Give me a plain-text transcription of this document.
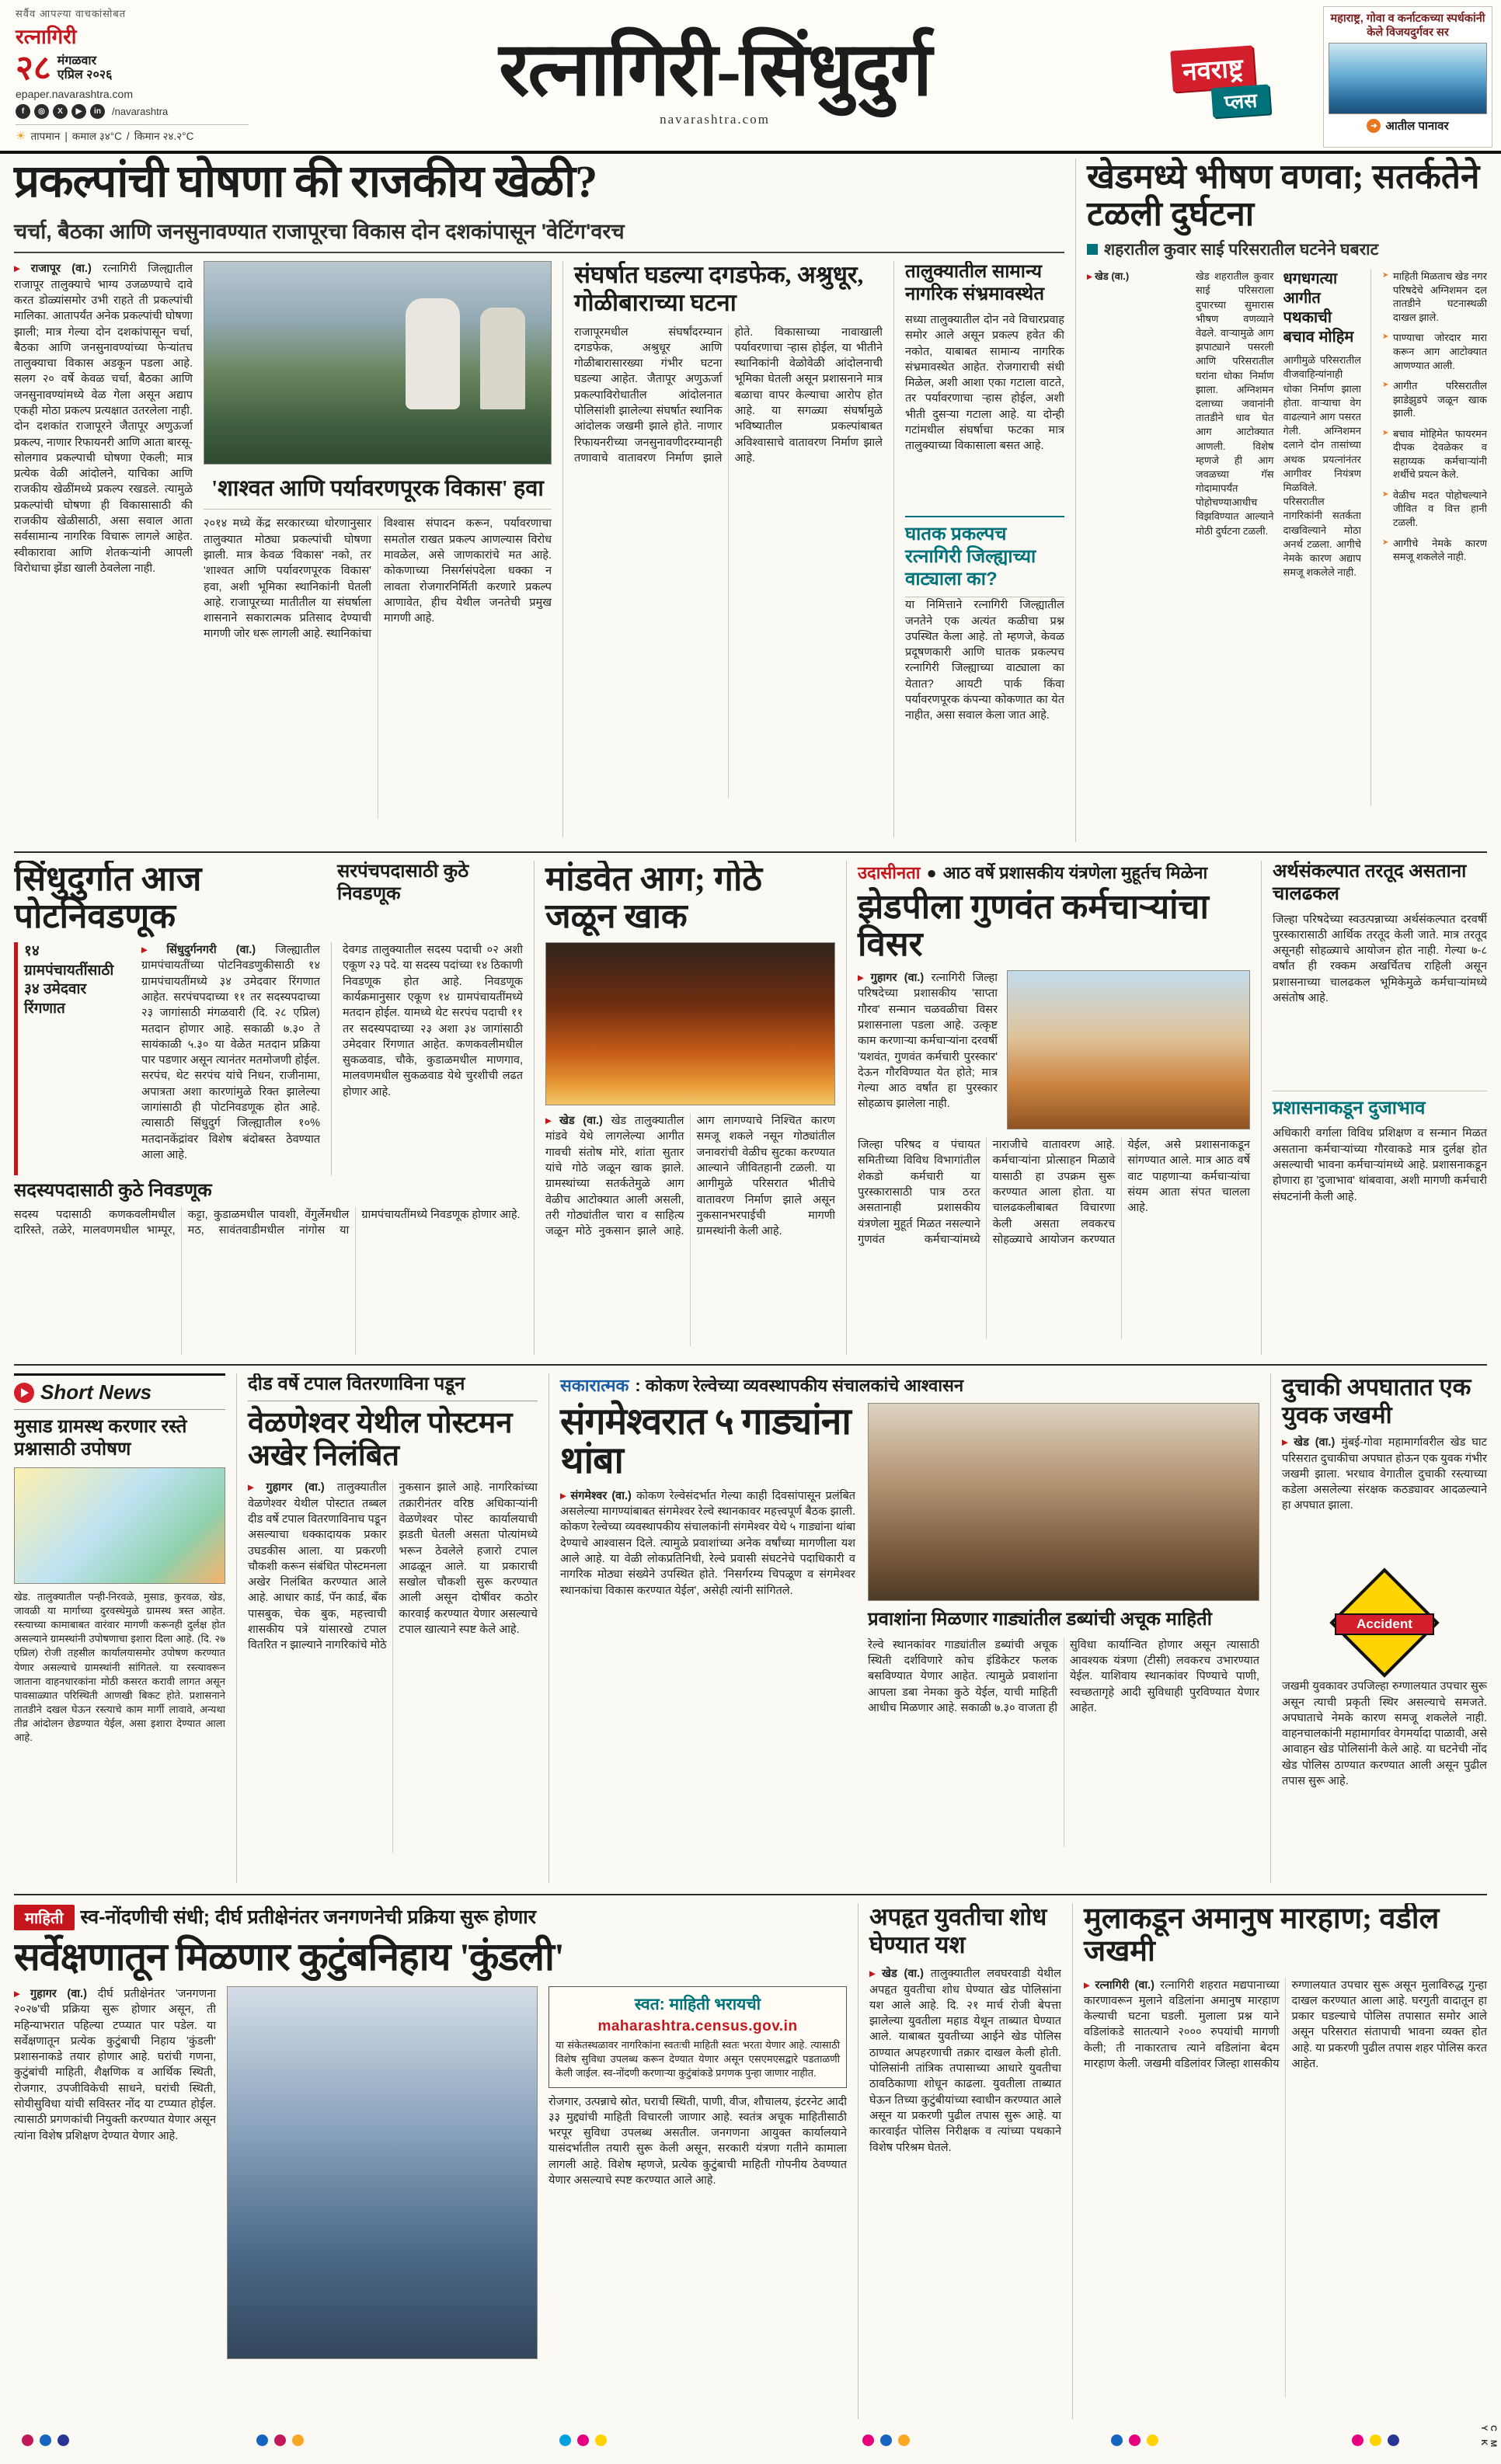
सर्वैव आपल्या वाचकांसोबत
रत्नागिरी
२८ मंगळवार
एप्रिल २०२६
epaper.navarashtra.com
f	◎	X	▶	in	/navarashtra
☀ तापमान | कमाल ३४°C / किमान २४.२°C
रत्नागिरी-सिंधुदुर्ग
navarashtra.com
नवराष्ट्र
प्लस
महाराष्ट्र, गोवा व कर्नाटकच्या स्पर्धकांनी केले विजयदुर्गवर सर
➜ आतील पानावर
प्रकल्पांची घोषणा की राजकीय खेळी?
चर्चा, बैठका आणि जनसुनावण्यात राजापूरचा विकास दोन दशकांपासून 'वेटिंग'वरच

▸ राजापूर (वा.) रत्नागिरी जिल्ह्यातील राजापूर तालुक्याचे भाग्य उजळण्याचे दावे करत डोळ्यांसमोर उभी राहते ती प्रकल्पांची मालिका. आतापर्यंत अनेक प्रकल्पांची घोषणा झाली; मात्र गेल्या दोन दशकांपासून चर्चा, बैठका आणि जनसुनावण्यांच्या फेऱ्यांतच तालुक्याचा विकास अडकून पडला आहे. सलग २० वर्षे केवळ चर्चा, बैठका आणि जनसुनावण्यांमध्ये वेळ गेला असून अद्याप एकही मोठा प्रकल्प प्रत्यक्षात उतरलेला नाही. दोन दशकांत राजापूरने जैतापूर अणुऊर्जा प्रकल्प, नाणार रिफायनरी आणि आता बारसू-सोलगाव प्रकल्पाची घोषणा ऐकली; मात्र प्रत्येक वेळी आंदोलने, याचिका आणि राजकीय खेळींमध्ये प्रकल्प रखडले. त्यामुळे प्रकल्पांची घोषणा ही विकासासाठी की राजकीय खेळीसाठी, असा सवाल आता सर्वसामान्य नागरिक विचारू लागले आहेत. स्वीकारावा आणि शेतकऱ्यांनी आपली विरोधाचा झेंडा खाली ठेवलेला नाही.

'शाश्वत आणि पर्यावरणपूरक विकास' हवा
२०१४ मध्ये केंद्र सरकारच्या धोरणानुसार तालुक्यात मोठ्या प्रकल्पांची घोषणा झाली. मात्र केवळ 'विकास' नको, तर 'शाश्वत आणि पर्यावरणपूरक विकास' हवा, अशी भूमिका स्थानिकांनी घेतली आहे. राजापूरच्या मातीतील या संघर्षाला शासनाने सकारात्मक प्रतिसाद देण्याची मागणी जोर धरू लागली आहे. स्थानिकांचा विश्वास संपादन करून, पर्यावरणाचा समतोल राखत प्रकल्प आणल्यास विरोध मावळेल, असे जाणकारांचे मत आहे. कोकणाच्या निसर्गसंपदेला धक्का न लावता रोजगारनिर्मिती करणारे प्रकल्प आणावेत, हीच येथील जनतेची प्रमुख मागणी आहे.
संघर्षात घडल्या दगडफेक, अश्रुधूर, गोळीबाराच्या घटना
राजापूरमधील संघर्षांदरम्यान दगडफेक, अश्रुधूर आणि गोळीबारासारख्या गंभीर घटना घडल्या आहेत. जैतापूर अणुऊर्जा प्रकल्पाविरोधातील आंदोलनात पोलिसांशी झालेल्या संघर्षात स्थानिक आंदोलक जखमी झाले होते. नाणार रिफायनरीच्या जनसुनावणीदरम्यानही तणावाचे वातावरण निर्माण झाले होते. विकासाच्या नावाखाली पर्यावरणाचा ऱ्हास होईल, या भीतीने स्थानिकांनी वेळोवेळी आंदोलनाची भूमिका घेतली असून प्रशासनाने मात्र बळाचा वापर केल्याचा आरोप होत आहे. या सगळ्या संघर्षामुळे भविष्यातील प्रकल्पांबाबत अविश्वासाचे वातावरण निर्माण झाले आहे.
तालुक्यातील सामान्य नागरिक संभ्रमावस्थेत
सध्या तालुक्यातील दोन नवे विचारप्रवाह समोर आले असून प्रकल्प हवेत की नकोत, याबाबत सामान्य नागरिक संभ्रमावस्थेत आहेत. रोजगाराची संधी मिळेल, अशी आशा एका गटाला वाटते, तर पर्यावरणाचा ऱ्हास होईल, अशी भीती दुसऱ्या गटाला आहे. या दोन्ही गटांमधील संघर्षाचा फटका मात्र तालुक्याच्या विकासाला बसत आहे.
घातक प्रकल्पच रत्नागिरी जिल्ह्याच्या वाट्याला का?
या निमित्ताने रत्नागिरी जिल्ह्यातील जनतेने एक अत्यंत कळीचा प्रश्न उपस्थित केला आहे. तो म्हणजे, केवळ प्रदूषणकारी आणि घातक प्रकल्पच रत्नागिरी जिल्ह्याच्या वाट्याला का येतात? आयटी पार्क किंवा पर्यावरणपूरक कंपन्या कोकणात का येत नाहीत, असा सवाल केला जात आहे.
खेडमध्ये भीषण वणवा; सतर्कतेने टळली दुर्घटना
शहरातील कुवार साई परिसरातील घटनेने घबराट

▸ खेड (वा.)	खेड शहरातील कुवार साई परिसराला दुपारच्या सुमारास भीषण वणव्याने वेढले. वाऱ्यामुळे आग झपाट्याने पसरली आणि परिसरातील घरांना धोका निर्माण झाला. अग्निशमन दलाच्या जवानांनी तातडीने धाव घेत आग आटोक्यात आणली. विशेष म्हणजे ही आग जवळच्या गॅस गोदामापर्यंत पोहोचण्याआधीच विझविण्यात आल्याने मोठी दुर्घटना टळली.

धगधगत्या आगीत पथकाची बचाव मोहिम

आगीमुळे परिसरातील वीजवाहिन्यांनाही धोका निर्माण झाला होता. वाऱ्याचा वेग वाढल्याने आग पसरत गेली. अग्निशमन दलाने दोन तासांच्या अथक प्रयत्नांनंतर आगीवर नियंत्रण मिळविले. परिसरातील नागरिकांनी सतर्कता दाखविल्याने मोठा अनर्थ टळला. आगीचे नेमके कारण अद्याप समजू शकलेले नाही.

➤ माहिती मिळताच खेड नगर परिषदेचे अग्निशमन दल तातडीने घटनास्थळी दाखल झाले.
➤ पाण्याचा जोरदार मारा करून आग आटोक्यात आणण्यात आली.
➤ आगीत परिसरातील झाडेझुडपे जळून खाक झाली.
➤ बचाव मोहिमेत फायरमन दीपक देवळेकर व सहाय्यक कर्मचाऱ्यांनी शर्थीचे प्रयत्न केले.
➤ वेळीच मदत पोहोचल्याने जीवित व वित्त हानी टळली.
➤ आगीचे नेमके कारण समजू शकलेले नाही.
सिंधुदुर्गात आज पोटनिवडणूक
सरपंचपदासाठी कुठे निवडणूक
१४ ग्रामपंचायतींसाठी ३४ उमेदवार रिंगणात

▸ सिंधुदुर्गनगरी (वा.) जिल्ह्यातील ग्रामपंचायतींच्या पोटनिवडणुकीसाठी १४ ग्रामपंचायतींमध्ये ३४ उमेदवार रिंगणात आहेत. सरपंचपदाच्या ११ तर सदस्यपदाच्या २३ जागांसाठी मंगळवारी (दि. २८ एप्रिल) मतदान होणार आहे. सकाळी ७.३० ते सायंकाळी ५.३० या वेळेत मतदान प्रक्रिया पार पडणार असून त्यानंतर मतमोजणी होईल. सरपंच, थेट सरपंच यांचे निधन, राजीनामा, अपात्रता अशा कारणांमुळे रिक्त झालेल्या जागांसाठी ही पोटनिवडणूक होत आहे. त्यासाठी सिंधुदुर्ग जिल्ह्यातील १०% मतदानकेंद्रांवर विशेष बंदोबस्त ठेवण्यात आला आहे.

देवगड तालुक्यातील सदस्य पदाची ०२ अशी एकूण २३ पदे. या सदस्य पदांच्या १४ ठिकाणी निवडणूक होत आहे. निवडणूक कार्यक्रमानुसार एकूण १४ ग्रामपंचायतींमध्ये मतदान होईल. यामध्ये थेट सरपंच पदाची ११ तर सदस्यपदाच्या २३ अशा ३४ जागांसाठी उमेदवार रिंगणात आहेत. कणकवलीमधील सुकळवाड, चौके, कुडाळमधील माणगाव, मालवणमधील सुकळवाड येथे चुरशीची लढत होणार आहे.
सदस्यपदासाठी कुठे निवडणूक
सदस्य पदासाठी कणकवलीमधील दारिस्ते, तळेरे, मालवणमधील भाम्पूर, कट्टा, कुडाळमधील पावशी, वेंगुर्लेमधील मठ, सावंतवाडीमधील नांगोस या ग्रामपंचायतींमध्ये निवडणूक होणार आहे.
मांडवेत आग; गोठे जळून खाक

▸ खेड (वा.) खेड तालुक्यातील मांडवे येथे लागलेल्या आगीत गावची संतोष मोरे, शांता सुतार यांचे गोठे जळून खाक झाले. ग्रामस्थांच्या सतर्कतेमुळे आग वेळीच आटोक्यात आली असली, तरी गोठ्यांतील चारा व साहित्य जळून मोठे नुकसान झाले आहे. आग लागण्याचे निश्चित कारण समजू शकले नसून गोठ्यांतील जनावरांची वेळीच सुटका करण्यात आल्याने जीवितहानी टळली. या आगीमुळे परिसरात भीतीचे वातावरण निर्माण झाले असून नुकसानभरपाईची मागणी ग्रामस्थांनी केली आहे.

उदासीनता ● आठ वर्षे प्रशासकीय यंत्रणेला मुहूर्तच मिळेना
झेडपीला गुणवंत कर्मचाऱ्यांचा विसर

▸ गुहागर (वा.) रत्नागिरी जिल्हा परिषदेच्या प्रशासकीय 'साप्ता गौरव' सन्मान चळवळीचा विसर प्रशासनाला पडला आहे. उत्कृष्ट काम करणाऱ्या कर्मचाऱ्यांना दरवर्षी 'यशवंत, गुणवंत कर्मचारी पुरस्कार' देऊन गौरविण्यात येत होते; मात्र गेल्या आठ वर्षांत हा पुरस्कार सोहळाच झालेला नाही.

जिल्हा परिषद व पंचायत समितीच्या विविध विभागांतील शेकडो कर्मचारी या पुरस्कारासाठी पात्र ठरत असतानाही प्रशासकीय यंत्रणेला मुहूर्त मिळत नसल्याने गुणवंत कर्मचाऱ्यांमध्ये नाराजीचे वातावरण आहे. कर्मचाऱ्यांना प्रोत्साहन मिळावे यासाठी हा उपक्रम सुरू करण्यात आला होता. या चालढकलीबाबत विचारणा केली असता लवकरच सोहळ्याचे आयोजन करण्यात येईल, असे प्रशासनाकडून सांगण्यात आले. मात्र आठ वर्षे वाट पाहणाऱ्या कर्मचाऱ्यांचा संयम आता संपत चालला आहे.
अर्थसंकल्पात तरतूद असताना चालढकल
जिल्हा परिषदेच्या स्वउत्पन्नाच्या अर्थसंकल्पात दरवर्षी पुरस्कारासाठी आर्थिक तरतूद केली जाते. मात्र तरतूद असूनही सोहळ्याचे आयोजन होत नाही. गेल्या ७-८ वर्षांत ही रक्कम अखर्चितच राहिली असून प्रशासनाच्या चालढकल भूमिकेमुळे कर्मचाऱ्यांमध्ये असंतोष आहे.
प्रशासनाकडून दुजाभाव
अधिकारी वर्गाला विविध प्रशिक्षण व सन्मान मिळत असताना कर्मचाऱ्यांच्या गौरवाकडे मात्र दुर्लक्ष होत असल्याची भावना कर्मचाऱ्यांमध्ये आहे. प्रशासनाकडून होणारा हा 'दुजाभाव' थांबवावा, अशी मागणी कर्मचारी संघटनांनी केली आहे.
Short News
मुसाड ग्रामस्थ करणार रस्ते प्रश्नासाठी उपोषण

खेड. तालुक्यातील पन्ही-निरवळे, मुसाड, कुरवळ, खेड, जावळी या मार्गाच्या दुरवस्थेमुळे ग्रामस्थ त्रस्त आहेत. रस्त्याच्या कामाबाबत वारंवार मागणी करूनही दुर्लक्ष होत असल्याने ग्रामस्थांनी उपोषणाचा इशारा दिला आहे. (दि. २७ एप्रिल) रोजी तहसील कार्यालयासमोर उपोषण करण्यात येणार असल्याचे ग्रामस्थांनी सांगितले. या रस्त्यावरून जाताना वाहनधारकांना मोठी कसरत करावी लागत असून पावसाळ्यात परिस्थिती आणखी बिकट होते. प्रशासनाने तातडीने दखल घेऊन रस्त्याचे काम मार्गी लावावे, अन्यथा तीव्र आंदोलन छेडण्यात येईल, असा इशारा देण्यात आला आहे.

दीड वर्षे टपाल वितरणाविना पडून
वेळणेश्वर येथील पोस्टमन अखेर निलंबित

▸ गुहागर (वा.) तालुक्यातील वेळणेश्वर येथील पोस्टात तब्बल दीड वर्षे टपाल वितरणाविनाच पडून असल्याचा धक्कादायक प्रकार उघडकीस आला. या प्रकरणी चौकशी करून संबंधित पोस्टमनला अखेर निलंबित करण्यात आले आहे. आधार कार्ड, पॅन कार्ड, बँक पासबुक, चेक बुक, महत्त्वाची शासकीय पत्रे यांसारखे टपाल वितरित न झाल्याने नागरिकांचे मोठे नुकसान झाले आहे. नागरिकांच्या तक्रारीनंतर वरिष्ठ अधिकाऱ्यांनी वेळणेश्वर पोस्ट कार्यालयाची झडती घेतली असता पोत्यांमध्ये भरून ठेवलेले हजारो टपाल आढळून आले. या प्रकाराची सखोल चौकशी सुरू करण्यात आली असून दोषींवर कठोर कारवाई करण्यात येणार असल्याचे टपाल खात्याने स्पष्ट केले आहे.

सकारात्मक : कोकण रेल्वेच्या व्यवस्थापकीय संचालकांचे आश्वासन
संगमेश्वरात ५ गाड्यांना थांबा

▸ संगमेश्वर (वा.) कोकण रेल्वेसंदर्भात गेल्या काही दिवसांपासून प्रलंबित असलेल्या मागण्यांबाबत संगमेश्वर रेल्वे स्थानकावर महत्त्वपूर्ण बैठक झाली. कोकण रेल्वेच्या व्यवस्थापकीय संचालकांनी संगमेश्वर येथे ५ गाड्यांना थांबा देण्याचे आश्वासन दिले. त्यामुळे प्रवाशांच्या अनेक वर्षांच्या मागणीला यश आले आहे. या वेळी लोकप्रतिनिधी, रेल्वे प्रवासी संघटनेचे पदाधिकारी व नागरिक मोठ्या संख्येने उपस्थित होते. 'निसर्गरम्य चिपळूण व संगमेश्वर स्थानकांचा विकास करण्यात येईल', असेही त्यांनी सांगितले.

प्रवाशांना मिळणार गाड्यांतील डब्यांची अचूक माहिती
रेल्वे स्थानकांवर गाड्यांतील डब्यांची अचूक स्थिती दर्शविणारे कोच इंडिकेटर फलक बसविण्यात येणार आहेत. त्यामुळे प्रवाशांना आपला डबा नेमका कुठे येईल, याची माहिती आधीच मिळणार आहे. सकाळी ७.३० वाजता ही सुविधा कार्यान्वित होणार असून त्यासाठी आवश्यक यंत्रणा (टीसी) लवकरच उभारण्यात येईल. याशिवाय स्थानकांवर पिण्याचे पाणी, स्वच्छतागृहे आदी सुविधाही पुरविण्यात येणार आहेत.
दुचाकी अपघातात एक युवक जखमी

▸ खेड (वा.) मुंबई-गोवा महामार्गावरील खेड घाट परिसरात दुचाकीचा अपघात होऊन एक युवक गंभीर जखमी झाला. भरधाव वेगातील दुचाकी रस्त्याच्या कडेला असलेल्या संरक्षक कठड्यावर आदळल्याने हा अपघात झाला.

Accident
जखमी युवकावर उपजिल्हा रुग्णालयात उपचार सुरू असून त्याची प्रकृती स्थिर असल्याचे समजते. अपघाताचे नेमके कारण समजू शकलेले नाही. वाहनचालकांनी महामार्गावर वेगमर्यादा पाळावी, असे आवाहन खेड पोलिसांनी केले आहे. या घटनेची नोंद खेड पोलिस ठाण्यात करण्यात आली असून पुढील तपास सुरू आहे.
माहिती स्व-नोंदणीची संधी; दीर्घ प्रतीक्षेनंतर जनगणनेची प्रक्रिया सुरू होणार
सर्वेक्षणातून मिळणार कुटुंबनिहाय 'कुंडली'

▸ गुहागर (वा.) दीर्घ प्रतीक्षेनंतर 'जनगणना २०२७'ची प्रक्रिया सुरू होणार असून, ती महिन्याभरात पहिल्या टप्प्यात पार पडेल. या सर्वेक्षणातून प्रत्येक कुटुंबाची निहाय 'कुंडली' प्रशासनाकडे तयार होणार आहे. घरांची गणना, कुटुंबांची माहिती, शैक्षणिक व आर्थिक स्थिती, रोजगार, उपजीविकेची साधने, घरांची स्थिती, सोयीसुविधा यांची सविस्तर नोंद या टप्प्यात होईल. त्यासाठी प्रगणकांची नियुक्ती करण्यात येणार असून त्यांना विशेष प्रशिक्षण देण्यात येणार आहे.

स्वत: माहिती भरायची
maharashtra.census.gov.in
या संकेतस्थळावर नागरिकांना स्वतःची माहिती स्वतः भरता येणार आहे. त्यासाठी विशेष सुविधा उपलब्ध करून देण्यात येणार असून एसएमएसद्वारे पडताळणी केली जाईल. स्व-नोंदणी करणाऱ्या कुटुंबांकडे प्रगणक पुन्हा जाणार नाहीत.
रोजगार, उत्पन्नाचे स्रोत, घराची स्थिती, पाणी, वीज, शौचालय, इंटरनेट आदी ३३ मुद्द्यांची माहिती विचारली जाणार आहे. स्वतंत्र अचूक माहितीसाठी भरपूर सुविधा उपलब्ध असतील. जनगणना आयुक्त कार्यालयाने यासंदर्भातील तयारी सुरू केली असून, सरकारी यंत्रणा गतीने कामाला लागली आहे. विशेष म्हणजे, प्रत्येक कुटुंबाची माहिती गोपनीय ठेवण्यात येणार असल्याचे स्पष्ट करण्यात आले आहे.
अपहृत युवतीचा शोध घेण्यात यश

▸ खेड (वा.) तालुक्यातील लवघरवाडी येथील अपहृत युवतीचा शोध घेण्यात खेड पोलिसांना यश आले आहे. दि. २१ मार्च रोजी बेपत्ता झालेल्या युवतीला महाड येथून ताब्यात घेण्यात आले. याबाबत युवतीच्या आईने खेड पोलिस ठाण्यात अपहरणाची तक्रार दाखल केली होती. पोलिसांनी तांत्रिक तपासाच्या आधारे युवतीचा ठावठिकाणा शोधून काढला. युवतीला ताब्यात घेऊन तिच्या कुटुंबीयांच्या स्वाधीन करण्यात आले असून या प्रकरणी पुढील तपास सुरू आहे. या कारवाईत पोलिस निरीक्षक व त्यांच्या पथकाने विशेष परिश्रम घेतले.

मुलाकडून अमानुष मारहाण; वडील जखमी

▸ रत्नागिरी (वा.) रत्नागिरी शहरात मद्यपानाच्या कारणावरून मुलाने वडिलांना अमानुष मारहाण केल्याची घटना घडली. मुलाला प्रश्न याने वडिलांकडे सातत्याने २००० रुपयांची मागणी केली; ती नाकारताच त्याने वडिलांना बेदम मारहाण केली. जखमी वडिलांवर जिल्हा शासकीय रुग्णालयात उपचार सुरू असून मुलाविरुद्ध गुन्हा दाखल करण्यात आला आहे. घरगुती वादातून हा प्रकार घडल्याचे पोलिस तपासात समोर आले असून परिसरात संतापाची भावना व्यक्त होत आहे. या प्रकरणी पुढील तपास शहर पोलिस करत आहेत.

C M Y K
